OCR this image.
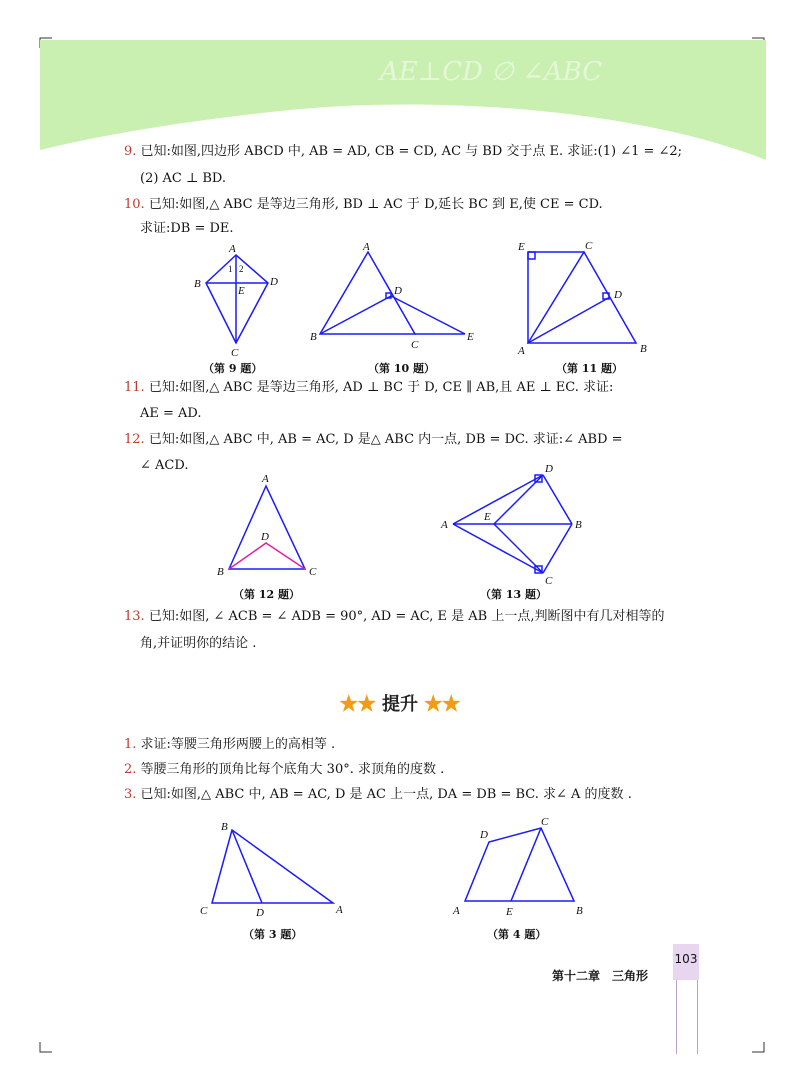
AE⊥CD ∅ ∠ABC
9. 已知:如图,四边形 ABCD 中, AB = AD, CB = CD, AC 与 BD 交于点 E. 求证:(1) ∠1 = ∠2;
(2) AC ⊥ BD.
10. 已知:如图,△ ABC 是等边三角形, BD ⊥ AC 于 D,延长 BC 到 E,使 CE = CD.
求证:DB = DE.
A
B	D
E
C
1 2
A
D
B
C
E
E	C
D
A	B
（第 9 题）	（第 10 题）	（第 11 题）
11. 已知:如图,△ ABC 是等边三角形, AD ⊥ BC 于 D, CE ∥ AB,且 AE ⊥ EC. 求证:
AE = AD.
12. 已知:如图,△ ABC 中, AB = AC, D 是△ ABC 内一点, DB = DC. 求证:∠ ABD =
∠ ACD.
A
D
B	C
D
E
A	B
C
（第 12 题）	（第 13 题）
13. 已知:如图, ∠ ACB = ∠ ADB = 90°, AD = AC, E 是 AB 上一点,判断图中有几对相等的
角,并证明你的结论 .
★★ 提升 ★★
1. 求证:等腰三角形两腰上的高相等 .
2. 等腰三角形的顶角比每个底角大 30°. 求顶角的度数 .
3. 已知:如图,△ ABC 中, AB = AC, D 是 AC 上一点, DA = DB = BC. 求∠ A 的度数 .
B
C	D	A
D
C
A	E	B
（第 3 题）	（第 4 题）
103
第十二章　三角形
